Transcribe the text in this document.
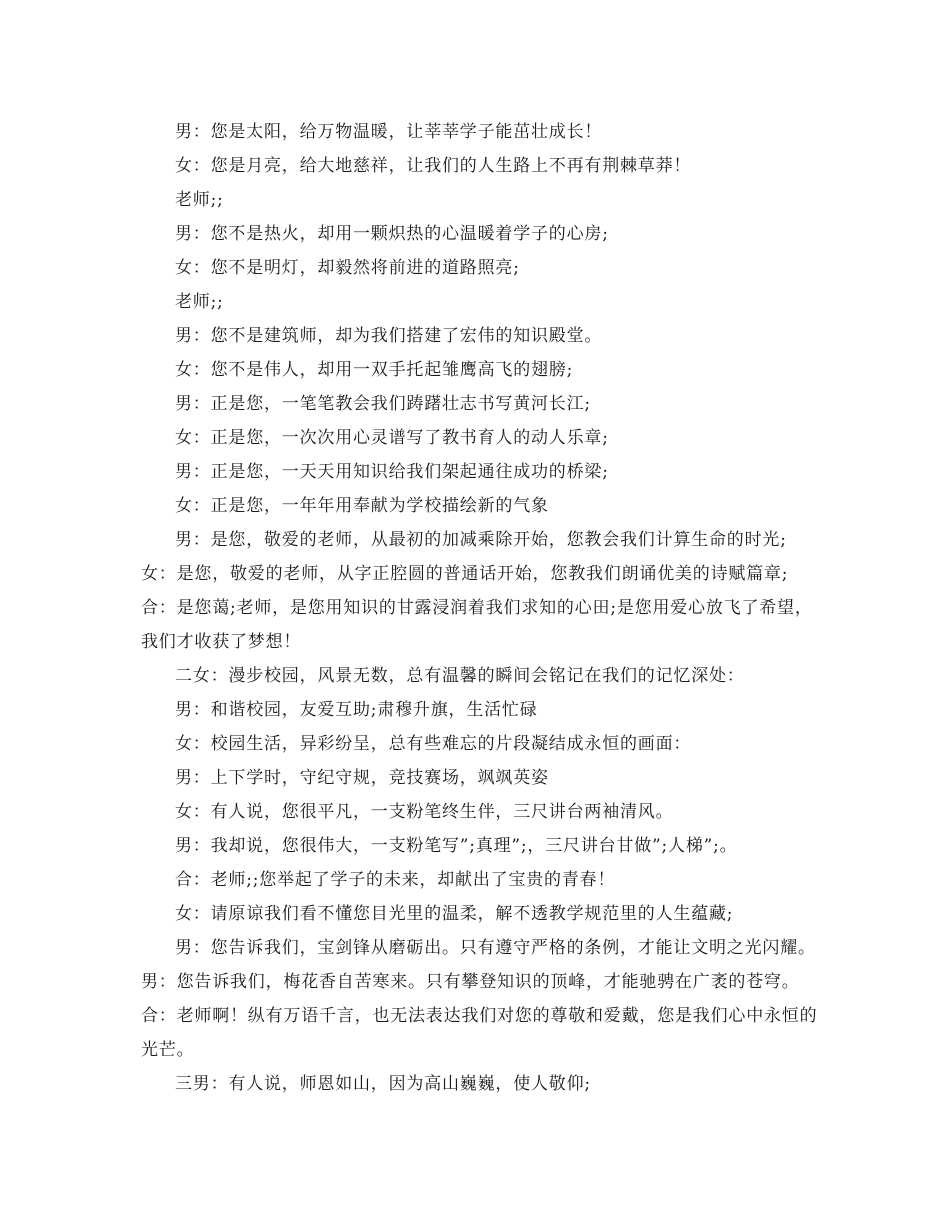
男：您是太阳，给万物温暖，让莘莘学子能茁壮成长！

女：您是月亮，给大地慈祥，让我们的人生路上不再有荆棘草莽！

老师;;

男：您不是热火，却用一颗炽热的心温暖着学子的心房;

女：您不是明灯，却毅然将前进的道路照亮;

老师;;

男：您不是建筑师，却为我们搭建了宏伟的知识殿堂。

女：您不是伟人，却用一双手托起雏鹰高飞的翅膀;

男：正是您，一笔笔教会我们踌躇壮志书写黄河长江;

女：正是您，一次次用心灵谱写了教书育人的动人乐章;

男：正是您，一天天用知识给我们架起通往成功的桥梁;

女：正是您，一年年用奉献为学校描绘新的气象

男：是您，敬爱的老师，从最初的加减乘除开始，您教会我们计算生命的时光;

女：是您，敬爱的老师，从字正腔圆的普通话开始，您教我们朗诵优美的诗赋篇章;

合：是您蔼;老师，是您用知识的甘露浸润着我们求知的心田;是您用爱心放飞了希望，我们才收获了梦想！

二女：漫步校园，风景无数，总有温馨的瞬间会铭记在我们的记忆深处：

男：和谐校园，友爱互助;肃穆升旗，生活忙碌

女：校园生活，异彩纷呈，总有些难忘的片段凝结成永恒的画面：

男：上下学时，守纪守规，竞技赛场，飒飒英姿

女：有人说，您很平凡，一支粉笔终生伴，三尺讲台两袖清风。

男：我却说，您很伟大，一支粉笔写”;真理”;，三尺讲台甘做”;人梯”;。

合：老师;;您举起了学子的未来，却献出了宝贵的青春！

女：请原谅我们看不懂您目光里的温柔，解不透教学规范里的人生蕴藏;

男：您告诉我们，宝剑锋从磨砺出。只有遵守严格的条例，才能让文明之光闪耀。男：您告诉我们，梅花香自苦寒来。只有攀登知识的顶峰，才能驰骋在广袤的苍穹。合：老师啊！纵有万语千言，也无法表达我们对您的尊敬和爱戴，您是我们心中永恒的光芒。

三男：有人说，师恩如山，因为高山巍巍，使人敬仰;
